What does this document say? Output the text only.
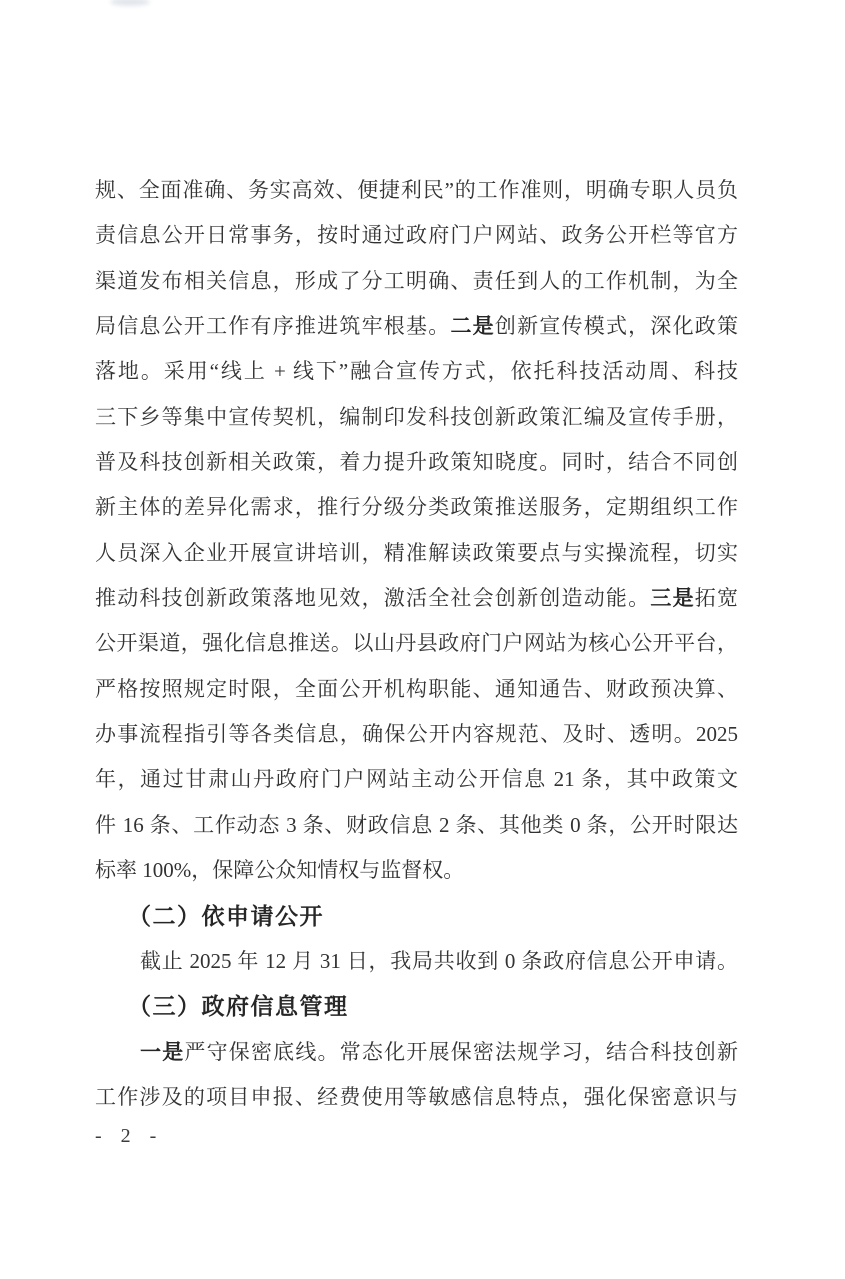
规、全面准确、务实高效、便捷利民”的工作准则，明确专职人员负
责信息公开日常事务，按时通过政府门户网站、政务公开栏等官方
渠道发布相关信息，形成了分工明确、责任到人的工作机制，为全
局信息公开工作有序推进筑牢根基。二是创新宣传模式，深化政策
落地。采用“线上 + 线下”融合宣传方式，依托科技活动周、科技
三下乡等集中宣传契机，编制印发科技创新政策汇编及宣传手册，
普及科技创新相关政策，着力提升政策知晓度。同时，结合不同创
新主体的差异化需求，推行分级分类政策推送服务，定期组织工作
人员深入企业开展宣讲培训，精准解读政策要点与实操流程，切实
推动科技创新政策落地见效，激活全社会创新创造动能。三是拓宽
公开渠道，强化信息推送。以山丹县政府门户网站为核心公开平台，
严格按照规定时限，全面公开机构职能、通知通告、财政预决算、
办事流程指引等各类信息，确保公开内容规范、及时、透明。2025
年，通过甘肃山丹政府门户网站主动公开信息 21 条，其中政策文
件 16 条、工作动态 3 条、财政信息 2 条、其他类 0 条，公开时限达
标率 100%，保障公众知情权与监督权。
（二）依申请公开
截止 2025 年 12 月 31 日，我局共收到 0 条政府信息公开申请。
（三）政府信息管理
一是严守保密底线。常态化开展保密法规学习，结合科技创新
工作涉及的项目申报、经费使用等敏感信息特点，强化保密意识与
- 2 -
